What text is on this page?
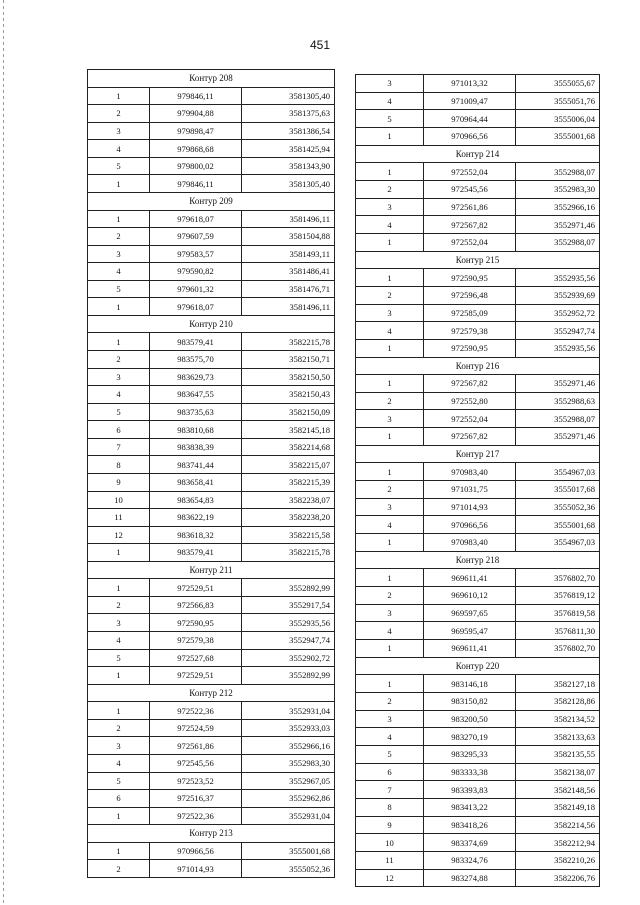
451
Контур 208		
1	979846,11	3581305,40
2	979904,88	3581375,63
3	979898,47	3581386,54
4	979868,68	3581425,94
5	979800,02	3581343,90
1	979846,11	3581305,40
Контур 209		
1	979618,07	3581496,11
2	979607,59	3581504,88
3	979583,57	3581493,11
4	979590,82	3581486,41
5	979601,32	3581476,71
1	979618,07	3581496,11
Контур 210		
1	983579,41	3582215,78
2	983575,70	3582150,71
3	983629,73	3582150,50
4	983647,55	3582150,43
5	983735,63	3582150,09
6	983810,68	3582145,18
7	983838,39	3582214,68
8	983741,44	3582215,07
9	983658,41	3582215,39
10	983654,83	3582238,07
11	983622,19	3582238,20
12	983618,32	3582215,58
1	983579,41	3582215,78
Контур 211		
1	972529,51	3552892,99
2	972566,83	3552917,54
3	972590,95	3552935,56
4	972579,38	3552947,74
5	972527,68	3552902,72
1	972529,51	3552892,99
Контур 212		
1	972522,36	3552931,04
2	972524,59	3552933,03
3	972561,86	3552966,16
4	972545,56	3552983,30
5	972523,52	3552967,05
6	972516,37	3552962,86
1	972522,36	3552931,04
Контур 213		
1	970966,56	3555001,68
2	971014,93	3555052,36
3	971013,32	3555055,67
4	971009,47	3555051,76
5	970964,44	3555006,04
1	970966,56	3555001,68
Контур 214		
1	972552,04	3552988,07
2	972545,56	3552983,30
3	972561,86	3552966,16
4	972567,82	3552971,46
1	972552,04	3552988,07
Контур 215		
1	972590,95	3552935,56
2	972596,48	3552939,69
3	972585,09	3552952,72
4	972579,38	3552947,74
1	972590,95	3552935,56
Контур 216		
1	972567,82	3552971,46
2	972552,80	3552988,63
3	972552,04	3552988,07
1	972567,82	3552971,46
Контур 217		
1	970983,40	3554967,03
2	971031,75	3555017,68
3	971014,93	3555052,36
4	970966,56	3555001,68
1	970983,40	3554967,03
Контур 218		
1	969611,41	3576802,70
2	969610,12	3576819,12
3	969597,65	3576819,58
4	969595,47	3576811,30
1	969611,41	3576802,70
Контур 220		
1	983146,18	3582127,18
2	983150,82	3582128,86
3	983200,50	3582134,52
4	983270,19	3582133,63
5	983295,33	3582135,55
6	983333,38	3582138,07
7	983393,83	3582148,56
8	983413,22	3582149,18
9	983418,26	3582214,56
10	983374,69	3582212,94
11	983324,76	3582210,26
12	983274,88	3582206,76
